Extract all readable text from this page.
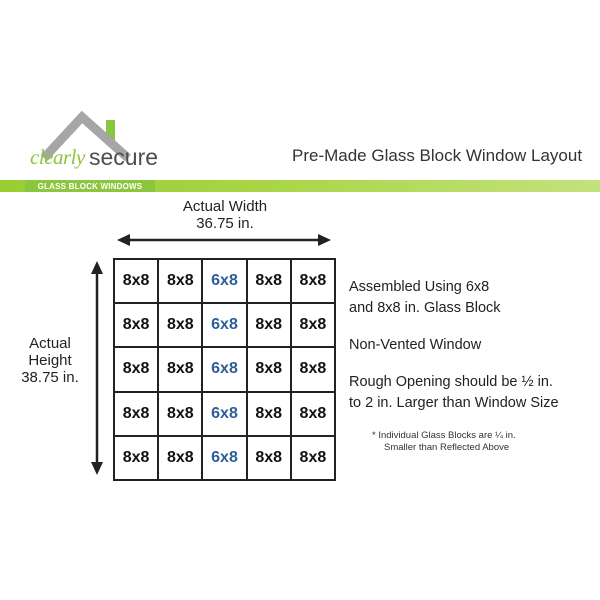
clearly secure	Pre-Made Glass Block Window Layout
GLASS BLOCK WINDOWS
Actual Width
36.75 in.
Actual
Height
38.75 in.
8x8	8x8	6x8	8x8	8x8
8x8	8x8	6x8	8x8	8x8
8x8	8x8	6x8	8x8	8x8
8x8	8x8	6x8	8x8	8x8
8x8	8x8	6x8	8x8	8x8
Assembled Using 6x8
and 8x8 in. Glass Block
Non-Vented Window
Rough Opening should be ½ in.
to 2 in. Larger than Window Size
* Individual Glass Blocks are ¼ in.
Smaller than Reflected Above
